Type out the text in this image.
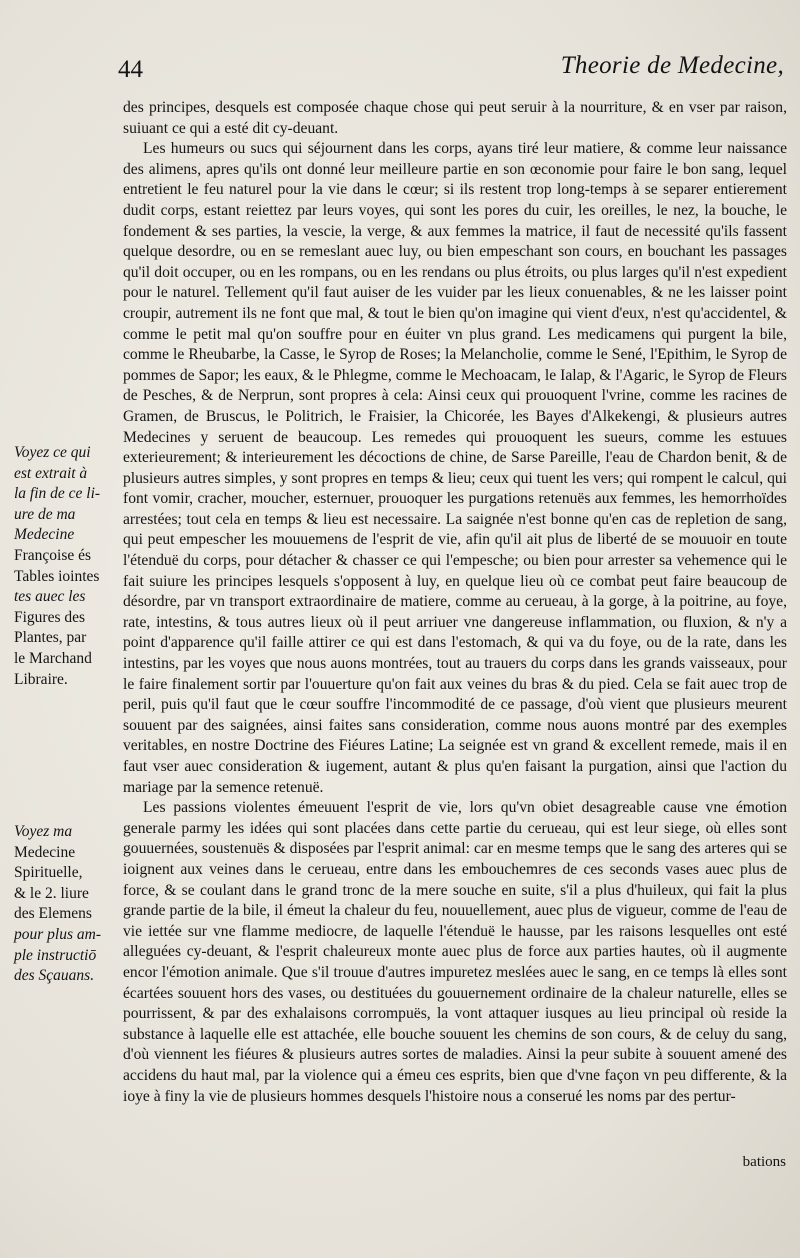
44	Theorie de Medecine,

des principes, desquels est composée chaque chose qui peut seruir à la nourriture, & en vser par raison, suiuant ce qui a esté dit cy-deuant.

Les humeurs ou sucs qui séjournent dans les corps, ayans tiré leur matiere, & comme leur naissance des alimens, apres qu'ils ont donné leur meilleure partie en son œconomie pour faire le bon sang, lequel entretient le feu naturel pour la vie dans le cœur; si ils restent trop long-temps à se separer entierement dudit corps, estant reiettez par leurs voyes, qui sont les pores du cuir, les oreilles, le nez, la bouche, le fondement & ses parties, la vescie, la verge, & aux femmes la matrice, il faut de necessité qu'ils fassent quelque desordre, ou en se remeslant auec luy, ou bien empeschant son cours, en bouchant les passages qu'il doit occuper, ou en les rompans, ou en les rendans ou plus étroits, ou plus larges qu'il n'est expedient pour le naturel. Tellement qu'il faut auiser de les vuider par les lieux conuenables, & ne les laisser point croupir, autrement ils ne font que mal, & tout le bien qu'on imagine qui vient d'eux, n'est qu'accidentel, & comme le petit mal qu'on souffre pour en éuiter vn plus grand. Les medicamens qui purgent la bile, comme le Rheubarbe, la Casse, le Syrop de Roses; la Melancholie, comme le Sené, l'Epithim, le Syrop de pommes de Sapor; les eaux, & le Phlegme, comme le Mechoacam, le Ialap, & l'Agaric, le Syrop de Fleurs de Pesches, & de Nerprun, sont propres à cela: Ainsi ceux qui prouoquent l'vrine, comme les racines de Gramen, de Bruscus, le Politrich, le Fraisier, la Chicorée, les Bayes d'Alkekengi, & plusieurs autres Medecines y seruent de beaucoup. Les remedes qui prouoquent les sueurs, comme les estuues exterieurement; & interieurement les décoctions de chine, de Sarse Pareille, l'eau de Chardon benit, & de plusieurs autres simples, y sont propres en temps & lieu; ceux qui tuent les vers; qui rompent le calcul, qui font vomir, cracher, moucher, esternuer, prouoquer les purgations retenuës aux femmes, les hemorrhoïdes arrestées; tout cela en temps & lieu est necessaire. La saignée n'est bonne qu'en cas de repletion de sang, qui peut empescher les mouuemens de l'esprit de vie, afin qu'il ait plus de liberté de se mouuoir en toute l'étenduë du corps, pour détacher & chasser ce qui l'empesche; ou bien pour arrester sa vehemence qui le fait suiure les principes lesquels s'opposent à luy, en quelque lieu où ce combat peut faire beaucoup de désordre, par vn transport extraordinaire de matiere, comme au cerueau, à la gorge, à la poitrine, au foye, rate, intestins, & tous autres lieux où il peut arriuer vne dangereuse inflammation, ou fluxion, & n'y a point d'apparence qu'il faille attirer ce qui est dans l'estomach, & qui va du foye, ou de la rate, dans les intestins, par les voyes que nous auons montrées, tout au trauers du corps dans les grands vaisseaux, pour le faire finalement sortir par l'ouuerture qu'on fait aux veines du bras & du pied. Cela se fait auec trop de peril, puis qu'il faut que le cœur souffre l'incommodité de ce passage, d'où vient que plusieurs meurent souuent par des saignées, ainsi faites sans consideration, comme nous auons montré par des exemples veritables, en nostre Doctrine des Fiéures Latine; La seignée est vn grand & excellent remede, mais il en faut vser auec consideration & iugement, autant & plus qu'en faisant la purgation, ainsi que l'action du mariage par la semence retenuë.

Les passions violentes émeuuent l'esprit de vie, lors qu'vn obiet desagreable cause vne émotion generale parmy les idées qui sont placées dans cette partie du cerueau, qui est leur siege, où elles sont gouuernées, soustenuës & disposées par l'esprit animal: car en mesme temps que le sang des arteres qui se ioignent aux veines dans le cerueau, entre dans les embouchemres de ces seconds vases auec plus de force, & se coulant dans le grand tronc de la mere souche en suite, s'il a plus d'huileux, qui fait la plus grande partie de la bile, il émeut la chaleur du feu, nouuellement, auec plus de vigueur, comme de l'eau de vie iettée sur vne flamme mediocre, de laquelle l'étenduë le hausse, par les raisons lesquelles ont esté alleguées cy-deuant, & l'esprit chaleureux monte auec plus de force aux parties hautes, où il augmente encor l'émotion animale. Que s'il trouue d'autres impuretez meslées auec le sang, en ce temps là elles sont écartées souuent hors des vases, ou destituées du gouuernement ordinaire de la chaleur naturelle, elles se pourrissent, & par des exhalaisons corrompuës, la vont attaquer iusques au lieu principal où reside la substance à laquelle elle est attachée, elle bouche souuent les chemins de son cours, & de celuy du sang, d'où viennent les fiéures & plusieurs autres sortes de maladies. Ainsi la peur subite à souuent amené des accidens du haut mal, par la violence qui a émeu ces esprits, bien que d'vne façon vn peu differente, & la ioye à finy la vie de plusieurs hommes desquels l'histoire nous a conserué les noms par des pertur-

bations
Voyez ce qui
est extrait à
la fin de ce li-
ure de ma
Medecine
Françoise és
Tables iointes
tes auec les
Figures des
Plantes, par
le Marchand
Libraire.
Voyez ma
Medecine
Spirituelle,
& le 2. liure
des Elemens
pour plus am-
ple instructiō
des Sçauans.
